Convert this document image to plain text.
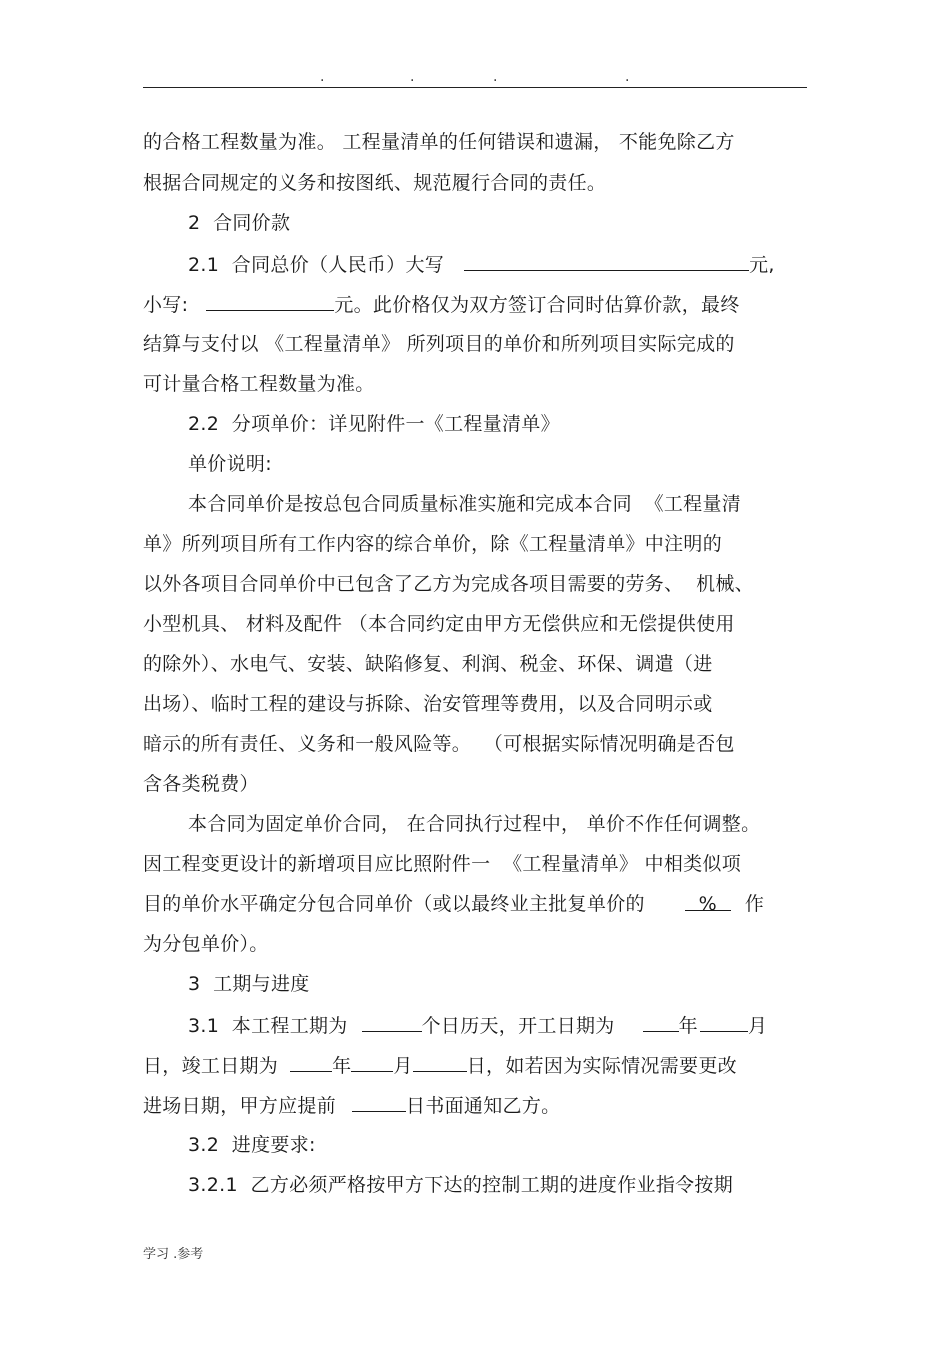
.	.	.	.
的合格工程数量为准。 工程量清单的任何错误和遗漏， 不能免除乙方
根据合同规定的义务和按图纸、规范履行合同的责任。
2  合同价款
2.1  合同总价（人民币）大写	元,
小写:	元。此价格仅为双方签订合同时估算价款，最终
结算与支付以 《工程量清单》 所列项目的单价和所列项目实际完成的
可计量合格工程数量为准。
2.2  分项单价：详见附件一《工程量清单》
单价说明:
本合同单价是按总包合同质量标准实施和完成本合同  《工程量清
单》所列项目所有工作内容的综合单价，除《工程量清单》中注明的
以外各项目合同单价中已包含了乙方为完成各项目需要的劳务、  机械、
小型机具、 材料及配件 （本合同约定由甲方无偿供应和无偿提供使用
的除外）、水电气、安装、缺陷修复、利润、税金、环保、调遣（进
出场）、临时工程的建设与拆除、治安管理等费用，以及合同明示或
暗示的所有责任、义务和一般风险等。  （可根据实际情况明确是否包
含各类税费）
本合同为固定单价合同， 在合同执行过程中， 单价不作任何调整。
因工程变更设计的新增项目应比照附件一  《工程量清单》 中相类似项
目的单价水平确定分包合同单价（或以最终业主批复单价的	% 作
为分包单价）。
3  工期与进度
3.1  本工程工期为	个日历天，开工日期为	年	月
日，竣工日期为	年 月	日，如若因为实际情况需要更改
进场日期，甲方应提前	日书面通知乙方。
3.2  进度要求:
3.2.1  乙方必须严格按甲方下达的控制工期的进度作业指令按期
学习 .参考
